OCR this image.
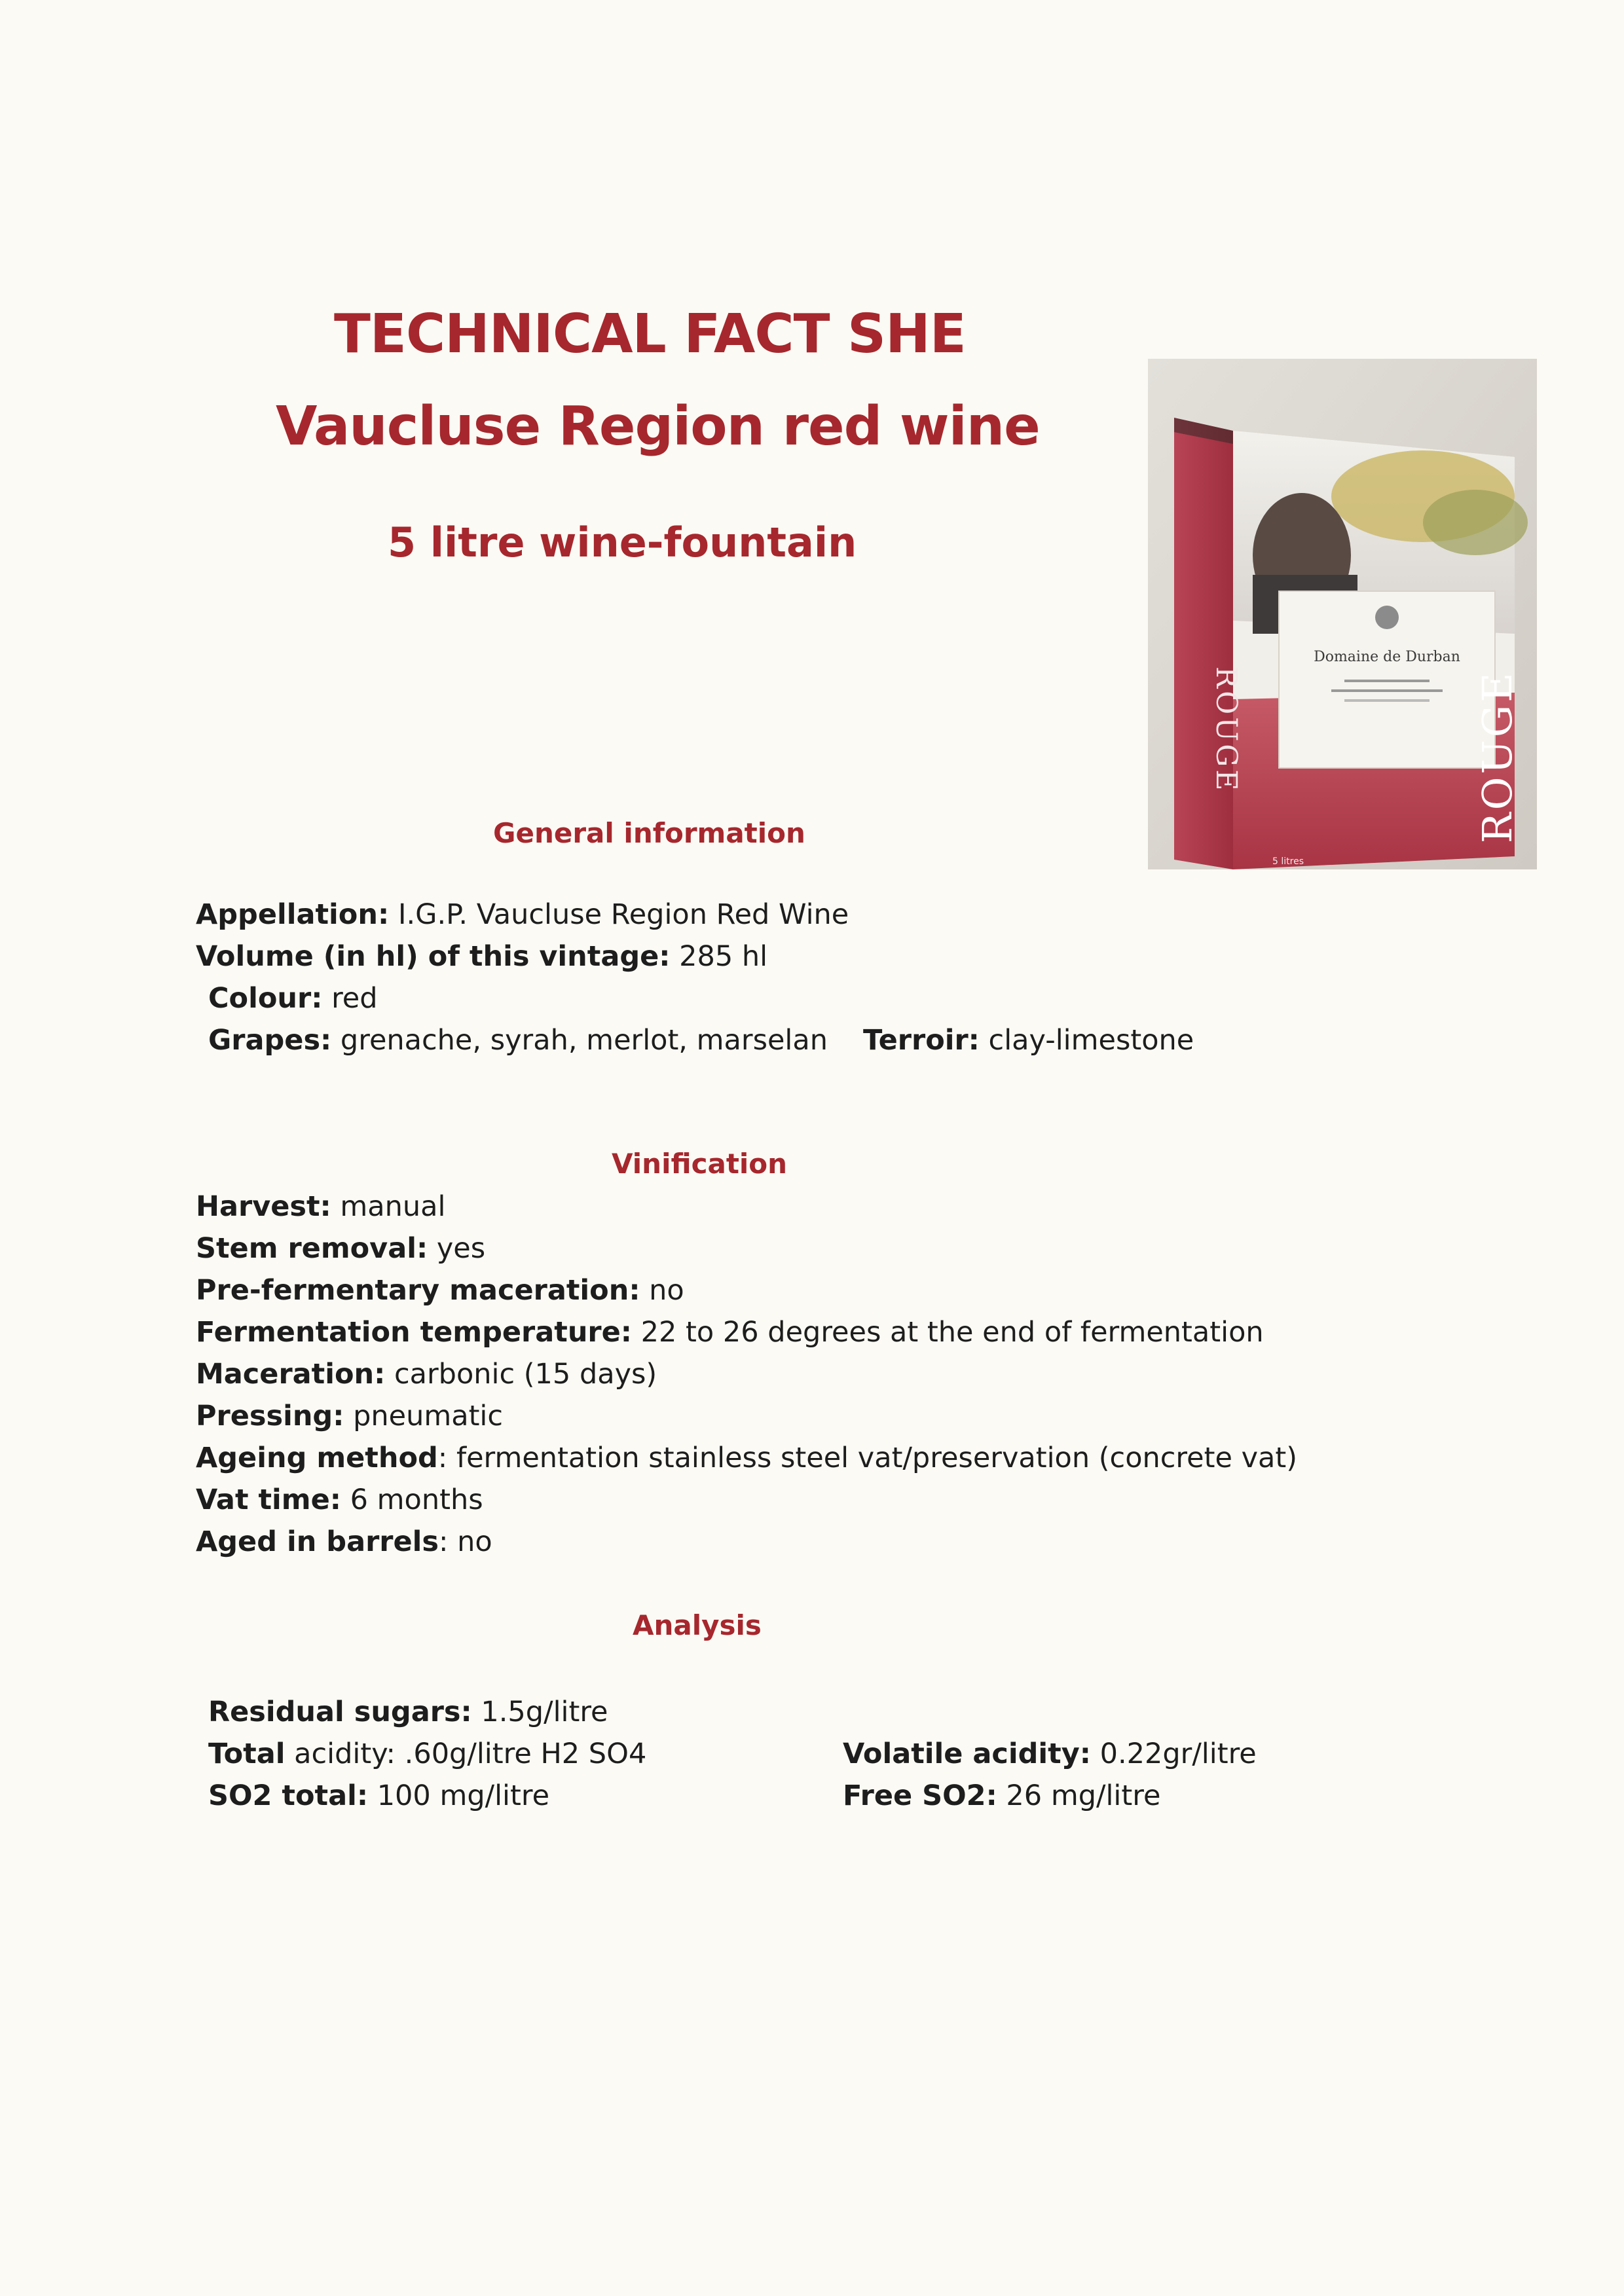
TECHNICAL FACT SHE
Vaucluse Region red wine
5 litre wine-fountain
Domaine de Durban
ROUGE	ROUGE
5 litres
General information
Appellation: I.G.P. Vaucluse Region Red Wine
Volume (in hl) of this vintage: 285 hl
Colour: red
Grapes: grenache, syrah, merlot, marselan Terroir: clay-limestone
Vinification
Harvest: manual
Stem removal: yes
Pre-fermentary maceration: no
Fermentation temperature: 22 to 26 degrees at the end of fermentation
Maceration: carbonic (15 days)
Pressing: pneumatic
Ageing method: fermentation stainless steel vat/preservation (concrete vat)
Vat time: 6 months
Aged in barrels: no
Analysis
Residual sugars: 1.5g/litre
Total acidity: .60g/litre H2 SO4	Volatile acidity: 0.22gr/litre
SO2 total: 100 mg/litre	Free SO2: 26 mg/litre
